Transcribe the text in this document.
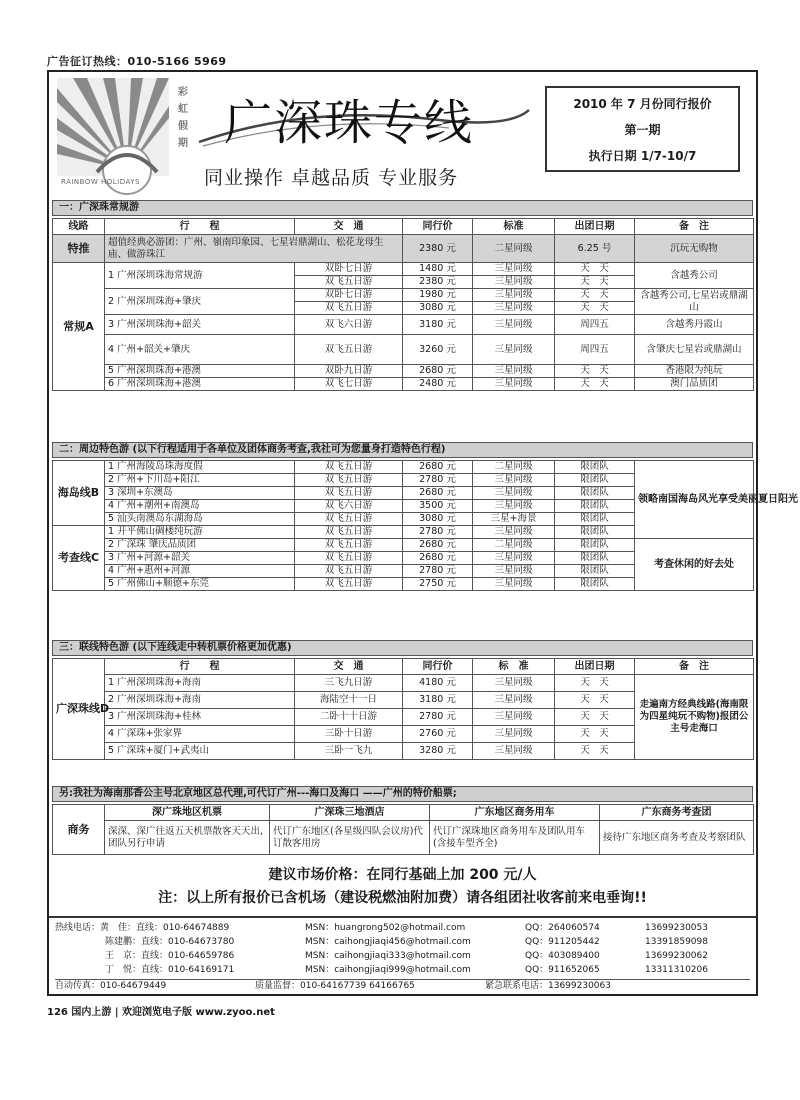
广告征订热线：010-5166 5969
彩
虹
假
期
RAINBOW HOLIDAYS
广深珠专线
同业操作 卓越品质 专业服务
2010 年 7 月份同行报价
第一期
执行日期 1/7-10/7
一：广深珠常规游
线路	行　　程	交　通	同行价	标准	出团日期	备　注
特推	超值经典必游团：广州、嶺南印象园、七星岩鼎湖山、松花龙母生庙、做游珠江		2380 元	二星同级	6.25 号	沉玩无购物
常规A	1 广州深圳珠海常规游	双卧七日游	1480 元	三星同级	天　天	含越秀公司
		双飞五日游	2380 元	三星同级	天　天	
	2 广州深圳珠海+肇庆	双卧七日游	1980 元	三星同级	天　天	含越秀公司,七星岩或鼎湖山
		双飞五日游	3080 元	三星同级	天　天	
	3 广州深圳珠海+韶关	双飞六日游	3180 元	三星同级	周四五	含越秀丹霞山
	4 广州+韶关+肇庆	双飞五日游	3260 元	三星同级	周四五	含肇庆七星岩或鼎湖山
	5 广州深圳珠海+港澳	双卧九日游	2680 元	三星同级	天　天	香港限为纯玩
	6 广州深圳珠海+港澳	双飞七日游	2480 元	三星同级	天　天	澳门品质团
二：周边特色游 (以下行程适用于各单位及团体商务考查,我社可为您量身打造特色行程)
海岛线B	1 广州海陵岛珠海度假	双飞五日游	2680 元	二星同级	限团队	领略南国海岛风光享受美丽夏日阳光
	2 广州+下川岛+阳江	双飞五日游	2780 元	三星同级	限团队	
	3 深圳+东澳岛	双飞五日游	2680 元	三星同级	限团队	
	4 广州+潮州+南澳岛	双飞六日游	3500 元	三星同级	限团队	
	5 汕头南澳岛东湖海岛	双飞五日游	3080 元	三星+海景	限团队	
考查线C	1 开平佛山碉楼纯玩游	双飞五日游	2780 元	三星同级	限团队	
	2 广深珠 肇庆品质团	双飞五日游	2680 元	二星同级	限团队	考查休闲的好去处
	3 广州+河源+韶关	双飞五日游	2680 元	三星同级	限团队	
	4 广州+惠州+河源	双飞五日游	2780 元	三星同级	限团队	
	5 广州佛山+顺德+东莞	双飞五日游	2750 元	三星同级	限团队	
三：联线特色游 (以下连线走中转机票价格更加优惠)
广深珠线D	行　　程	交　通	同行价	标　准	出团日期	备　注
	1 广州深圳珠海+海南	三飞九日游	4180 元	三星同级	天　天	走遍南方经典线路(海南限为四星纯玩不购物)报团公主号走海口
	2 广州深圳珠海+海南	海陆空十一日	3180 元	三星同级	天　天	
	3 广州深圳珠海+桂林	二卧十十日游	2780 元	三星同级	天　天	
	4 广深珠+张家界	三卧十日游	2760 元	三星同级	天　天	
	5 广深珠+厦门+武夷山	三卧一飞九	3280 元	三星同级	天　天	
另:我社为海南那香公主号北京地区总代理,可代订广州---海口及海口 ——广州的特价船票;
商务	深广珠地区机票	广深珠三地酒店	广东地区商务用车	广东商务考查团
	深深、深广往返五天机票散客天天出,团队另行申请	代订广东地区(各星级四队会议房)代订散客用房	代订广深珠地区商务用车及团队用车(含接车型齐全)	接待广东地区商务考查及考察团队
建议市场价格：在同行基础上加 200 元/人
注：以上所有报价已含机场（建设税燃油附加费）请各组团社收客前来电垂询!!
热线电话：黄　佳：直线：010-64674889	MSN：huangrong502@hotmail.com	QQ：264060574	13699230053
陈建鹏：直线：010-64673780	MSN：caihongjiaqi456@hotmail.com	QQ：911205442	13391859098
王　京：直线：010-64659786	MSN：caihongjiaqi333@hotmail.com	QQ：403089400	13699230062
丁　悦：直线：010-64169171	MSN：caihongjiaqi999@hotmail.com	QQ：911652065	13311310206
自动传真：010-64679449	质量监督：010-64167739 64166765	紧急联系电话：13699230063
126 国内上游 | 欢迎浏览电子版 www.zyoo.net
